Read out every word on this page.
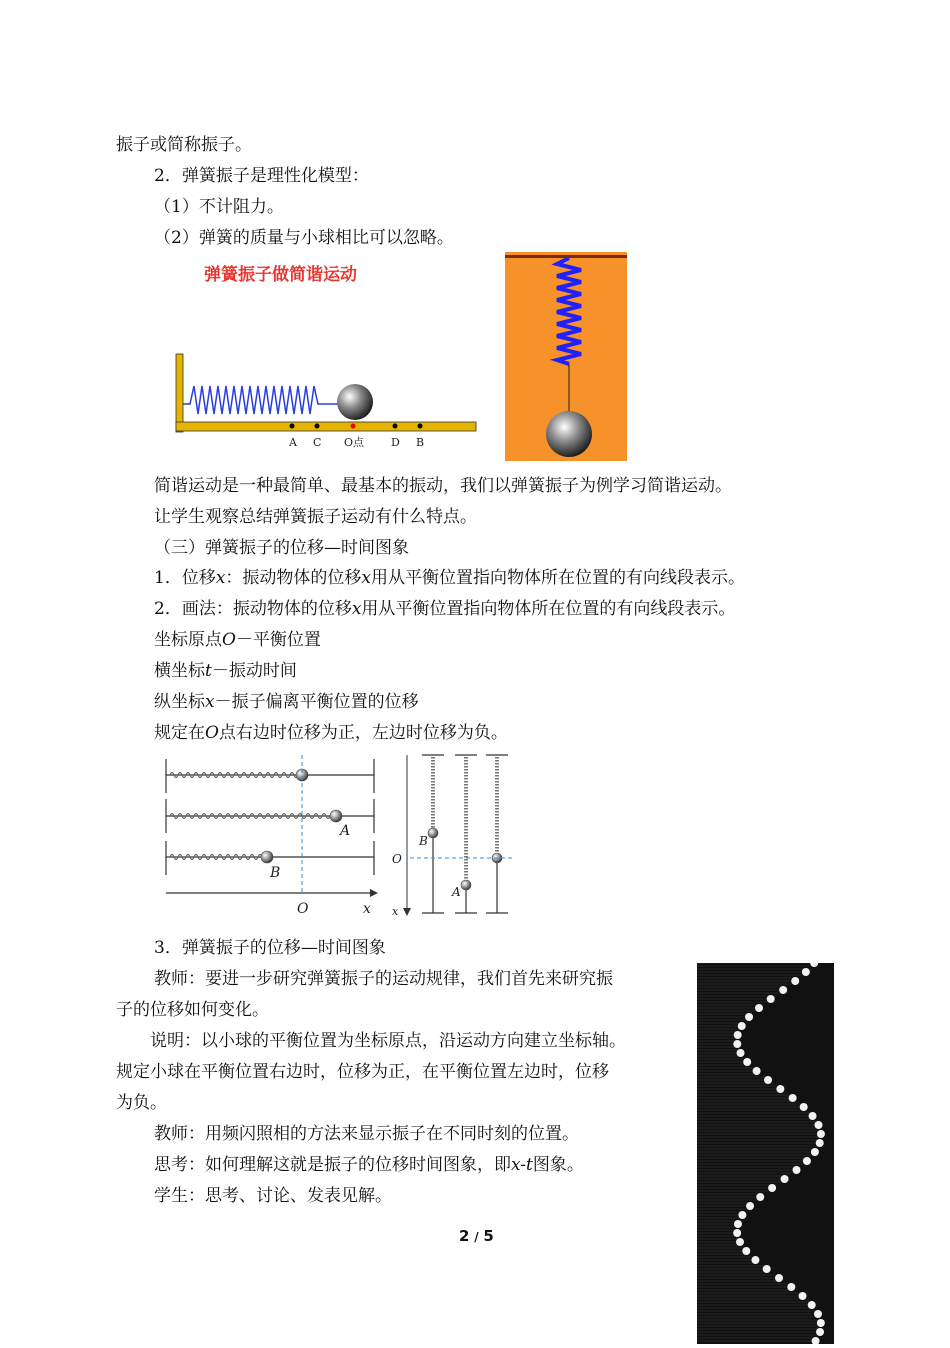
振子或简称振子。
2．弹簧振子是理性化模型：
（1）不计阻力。
（2）弹簧的质量与小球相比可以忽略。
弹簧振子做简谐运动
A C O点 D B
简谐运动是一种最简单、最基本的振动，我们以弹簧振子为例学习简谐运动。
让学生观察总结弹簧振子运动有什么特点。
（三）弹簧振子的位移—时间图象
1．位移x：振动物体的位移x用从平衡位置指向物体所在位置的有向线段表示。
2．画法：振动物体的位移x用从平衡位置指向物体所在位置的有向线段表示。
坐标原点O－平衡位置
横坐标t－振动时间
纵坐标x－振子偏离平衡位置的位移
规定在O点右边时位移为正，左边时位移为负。
A
B
O	x
B
A
O
x
3．弹簧振子的位移—时间图象
教师：要进一步研究弹簧振子的运动规律，我们首先来研究振
子的位移如何变化。
说明：以小球的平衡位置为坐标原点，沿运动方向建立坐标轴。
规定小球在平衡位置右边时，位移为正，在平衡位置左边时，位移
为负。
教师：用频闪照相的方法来显示振子在不同时刻的位置。
思考：如何理解这就是振子的位移时间图象，即x-t图象。
学生：思考、讨论、发表见解。
2 / 5
